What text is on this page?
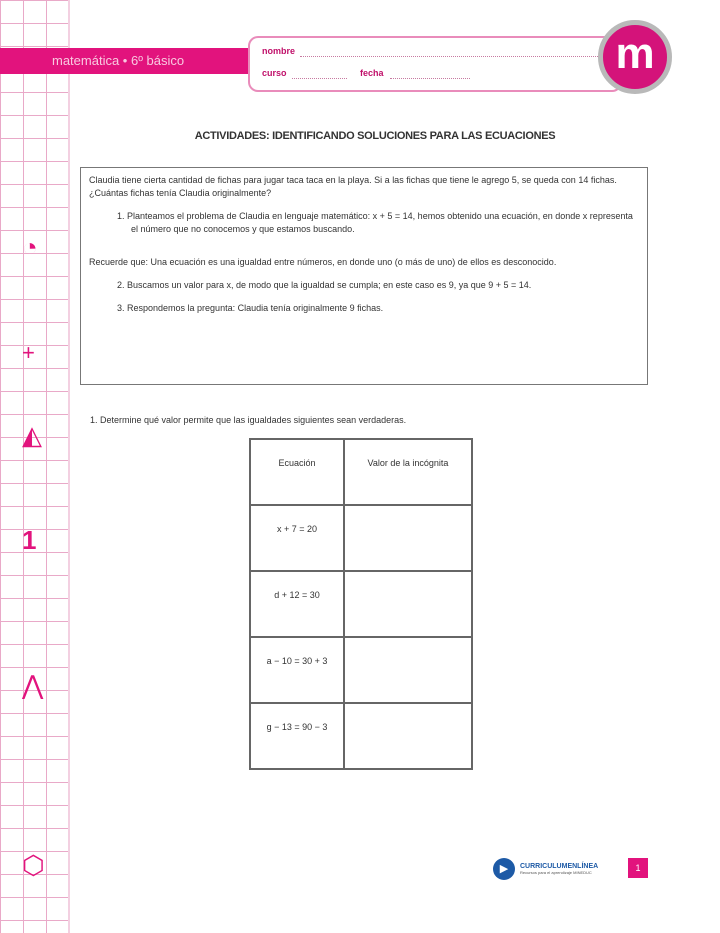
◔
+
◭
1
⋀
⬡
matemática • 6º básico
nombre
curso	fecha	m
ACTIVIDADES: IDENTIFICANDO SOLUCIONES PARA LAS ECUACIONES

Claudia tiene cierta cantidad de fichas para jugar taca taca en la playa. Si a las fichas que tiene le agrego 5, se queda con 14 fichas. ¿Cuántas fichas tenía Claudia originalmente?

1. Planteamos el problema de Claudia en lenguaje matemático: x + 5 = 14, hemos obtenido una ecuación, en donde x representa el número que no conocemos y que estamos buscando.

Recuerde que: Una ecuación es una igualdad entre números, en donde uno (o más de uno) de ellos es desconocido.

2. Buscamos un valor para x, de modo que la igualdad se cumpla; en este caso es 9, ya que 9 + 5 = 14.

3. Respondemos la pregunta: Claudia tenía originalmente 9 fichas.

1. Determine qué valor permite que las igualdades siguientes sean verdaderas.
Ecuación	Valor de la incógnita
x + 7 = 20	
d + 12 = 30	
a − 10 = 30 + 3	
g − 13 = 90 − 3	
▶	CURRICULUMENLÍNEA
Recursos para el aprendizaje MINEDUC	1
